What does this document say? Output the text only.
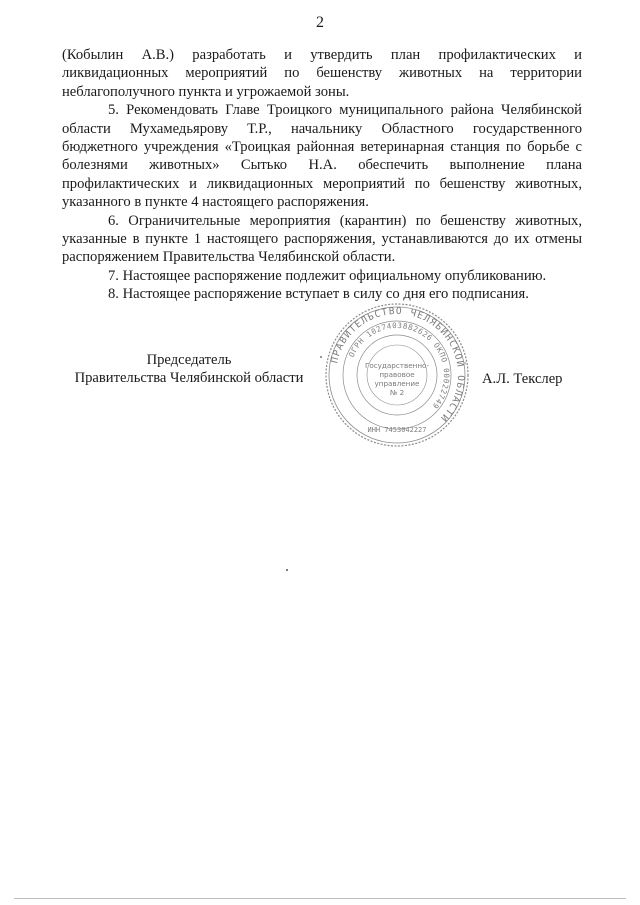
2

(Кобылин А.В.) разработать и утвердить план профилактических и ликвидационных мероприятий по бешенству животных на территории неблагополучного пункта и угрожаемой зоны.

5. Рекомендовать Главе Троицкого муниципального района Челябинской области Мухамедьярову Т.Р., начальнику Областного государственного бюджетного учреждения «Троицкая районная ветеринарная станция по борьбе с болезнями животных» Сытько Н.А. обеспечить выполнение плана профилактических и ликвидационных мероприятий по бешенству животных, указанного в пункте 4 настоящего распоряжения.

6. Ограничительные мероприятия (карантин) по бешенству животных, указанные в пункте 1 настоящего распоряжения, устанавливаются до их отмены распоряжением Правительства Челябинской области.

7. Настоящее распоряжение подлежит официальному опубликованию.

8. Настоящее распоряжение вступает в силу со дня его подписания.

Председатель
Правительства Челябинской области	А.Л. Текслер
ПРАВИТЕЛЬСТВО ЧЕЛЯБИНСКОЙ ОБЛАСТИ
ОГРН 1027403882626 ОКПО 00022749
Государственно-
правовое
управление
№ 2
ИНН 7453042227
